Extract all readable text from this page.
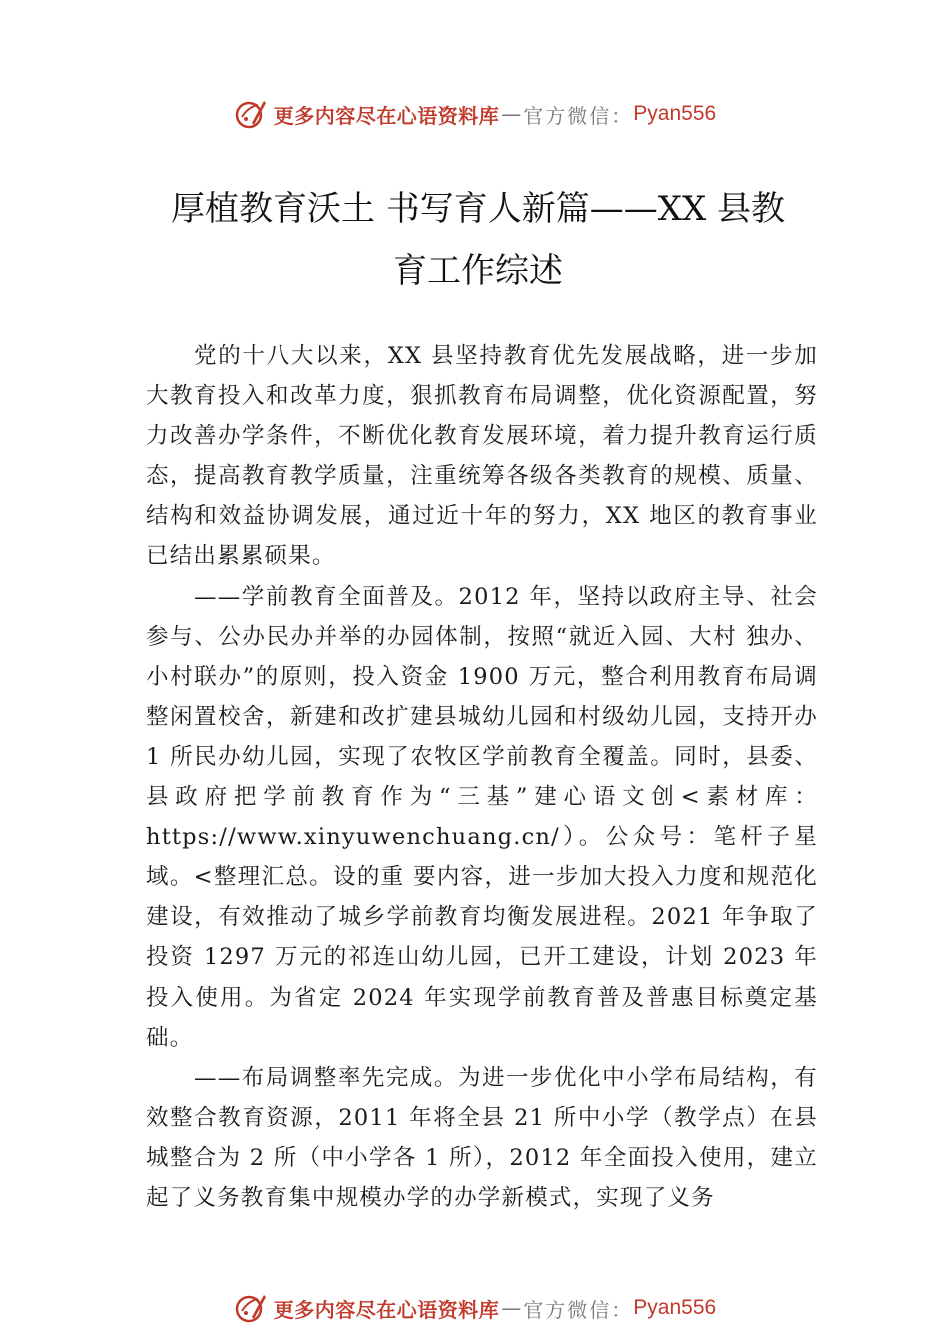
更多内容尽在心语资料库 — 官方微信： Pyan556
厚植教育沃土 书写育人新篇——XX 县教
育工作综述

党的十八大以来，XX 县坚持教育优先发展战略，进一步加大教育投入和改革力度，狠抓教育布局调整，优化资源配置，努力改善办学条件，不断优化教育发展环境，着力提升教育运行质态，提高教育教学质量，注重统筹各级各类教育的规模、质量、结构和效益协调发展，通过近十年的努力，XX 地区的教育事业已结出累累硕果。

——学前教育全面普及。2012 年，坚持以政府主导、社会参与、公办民办并举的办园体制，按照“就近入园、大村 独办、小村联办”的原则，投入资金 1900 万元，整合利用教育布局调整闲置校舍，新建和改扩建县城幼儿园和村级幼儿园，支持开办 1 所民办幼儿园，实现了农牧区学前教育全覆盖。同时，县委、县政府把学前教育作为“三基”建心语文创<素材库：https://www.xinyuwenchuang.cn/）。公众号：笔杆子星域。<整理汇总。设的重 要内容，进一步加大投入力度和规范化建设，有效推动了城乡学前教育均衡发展进程。2021 年争取了投资 1297 万元的祁连山幼儿园，已开工建设，计划 2023 年投入使用。为省定 2024 年实现学前教育普及普惠目标奠定基础。

——布局调整率先完成。为进一步优化中小学布局结构，有效整合教育资源，2011 年将全县 21 所中小学（教学点）在县城整合为 2 所（中小学各 1 所），2012 年全面投入使用，建立起了义务教育集中规模办学的办学新模式，实现了义务

更多内容尽在心语资料库 — 官方微信： Pyan556
